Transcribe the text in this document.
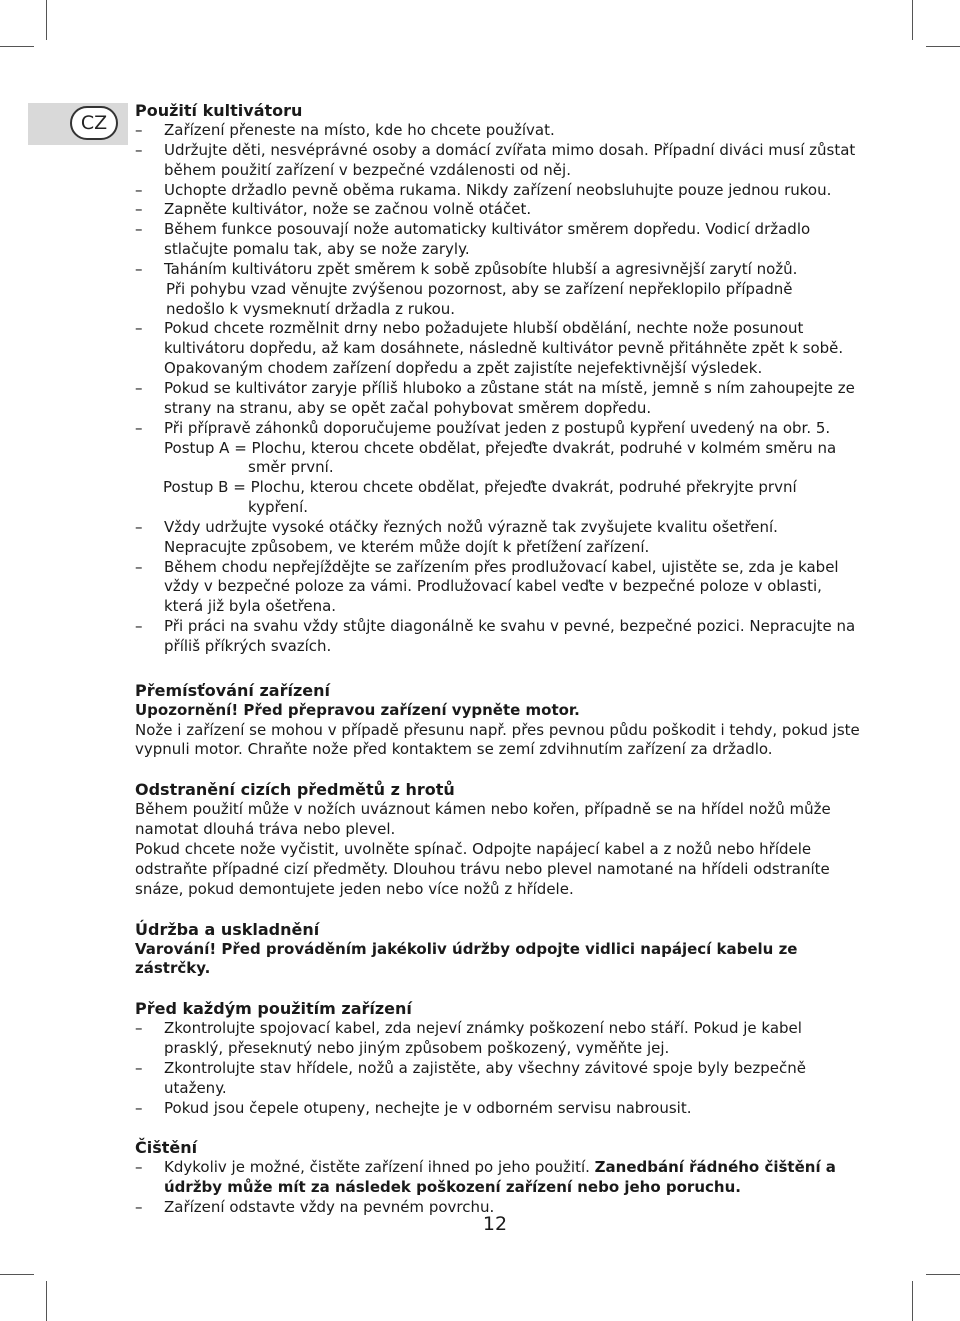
CZ
Použití kultivátoru
– Zařízení přeneste na místo, kde ho chcete používat.
– Udržujte děti, nesvéprávné osoby a domácí zvířata mimo dosah. Případní diváci musí zůstat během použití zařízení v bezpečné vzdálenosti od něj.
– Uchopte držadlo pevně oběma rukama. Nikdy zařízení neobsluhujte pouze jednou rukou.
– Zapněte kultivátor, nože se začnou volně otáčet.
– Během funkce posouvají nože automaticky kultivátor směrem dopředu. Vodicí držadlo stlačujte pomalu tak, aby se nože zaryly.
– Taháním kultivátoru zpět směrem k sobě způsobíte hlubší a agresivnější zarytí nožů.

Při pohybu vzad věnujte zvýšenou pozornost, aby se zařízení nepřeklopilo případně nedošlo k vysmeknutí držadla z rukou.

– Pokud chcete rozmělnit drny nebo požadujete hlubší obdělání, nechte nože posunout kultivátoru dopředu, až kam dosáhnete, následně kultivátor pevně přitáhněte zpět k sobě. Opakovaným chodem zařízení dopředu a zpět zajistíte nejefektivnější výsledek.
– Pokud se kultivátor zaryje příliš hluboko a zůstane stát na místě, jemně s ním zahoupejte ze strany na stranu, aby se opět začal pohybovat směrem dopředu.
– Při přípravě záhonků doporučujeme používat jeden z postupů kypření uvedený na obr. 5.

Postup A = Plochu, kterou chcete obdělat, přejeďte dvakrát, podruhé v kolmém směru na

směr první.

Postup B = Plochu, kterou chcete obdělat, přejeďte dvakrát, podruhé překryjte první

kypření.

– Vždy udržujte vysoké otáčky řezných nožů výrazně tak zvyšujete kvalitu ošetření.

Nepracujte způsobem, ve kterém může dojít k přetížení zařízení.

– Během chodu nepřejíždějte se zařízením přes prodlužovací kabel, ujistěte se, zda je kabel vždy v bezpečné poloze za vámi. Prodlužovací kabel veďte v bezpečné poloze v oblasti, která již byla ošetřena.
– Při práci na svahu vždy stůjte diagonálně ke svahu v pevné, bezpečné pozici. Nepracujte na příliš příkrých svazích.
Přemísťování zařízení

Upozornění! Před přepravou zařízení vypněte motor.

Nože i zařízení se mohou v případě přesunu např. přes pevnou půdu poškodit i tehdy, pokud jste vypnuli motor. Chraňte nože před kontaktem se zemí zdvihnutím zařízení za držadlo.

Odstranění cizích předmětů z hrotů

Během použití může v nožích uváznout kámen nebo kořen, případně se na hřídel nožů může namotat dlouhá tráva nebo plevel.

Pokud chcete nože vyčistit, uvolněte spínač. Odpojte napájecí kabel a z nožů nebo hřídele odstraňte případné cizí předměty. Dlouhou trávu nebo plevel namotané na hřídeli odstraníte snáze, pokud demontujete jeden nebo více nožů z hřídele.

Údržba a uskladnění

Varování! Před prováděním jakékoliv údržby odpojte vidlici napájecí kabelu ze zástrčky.

Před každým použitím zařízení
– Zkontrolujte spojovací kabel, zda nejeví známky poškození nebo stáří. Pokud je kabel prasklý, přeseknutý nebo jiným způsobem poškozený, vyměňte jej.
– Zkontrolujte stav hřídele, nožů a zajistěte, aby všechny závitové spoje byly bezpečně utaženy.
– Pokud jsou čepele otupeny, nechejte je v odborném servisu nabrousit.
Čištění
– Kdykoliv je možné, čistěte zařízení ihned po jeho použití. Zanedbání řádného čištění a údržby může mít za následek poškození zařízení nebo jeho poruchu.
– Zařízení odstavte vždy na pevném povrchu.
12
